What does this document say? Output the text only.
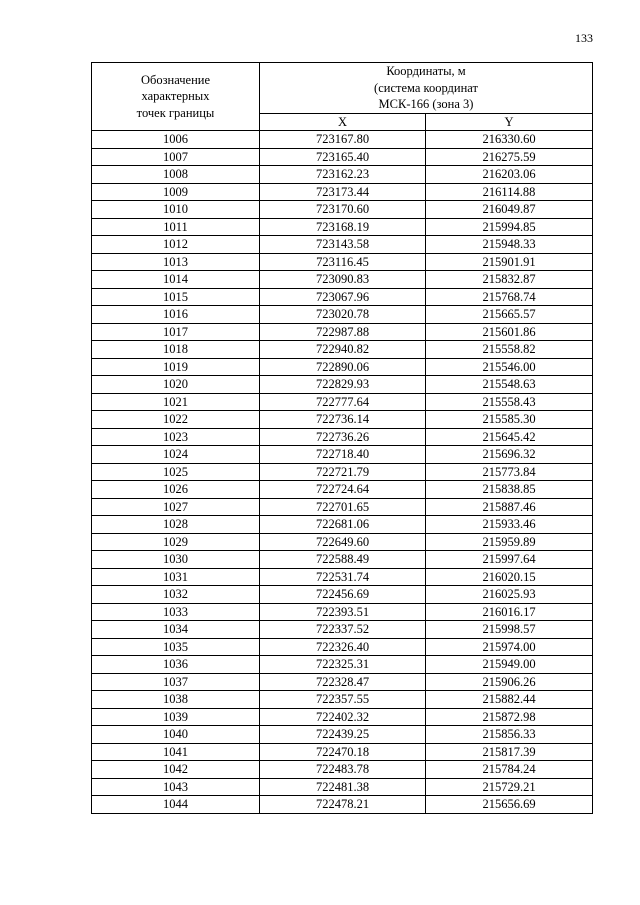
133
Обозначение
характерных
точек границы	Координаты, м
(система координат
МСК-166 (зона 3)	

	X	Y
1006	723167.80	216330.60
1007	723165.40	216275.59
1008	723162.23	216203.06
1009	723173.44	216114.88
1010	723170.60	216049.87
1011	723168.19	215994.85
1012	723143.58	215948.33
1013	723116.45	215901.91
1014	723090.83	215832.87
1015	723067.96	215768.74
1016	723020.78	215665.57
1017	722987.88	215601.86
1018	722940.82	215558.82
1019	722890.06	215546.00
1020	722829.93	215548.63
1021	722777.64	215558.43
1022	722736.14	215585.30
1023	722736.26	215645.42
1024	722718.40	215696.32
1025	722721.79	215773.84
1026	722724.64	215838.85
1027	722701.65	215887.46
1028	722681.06	215933.46
1029	722649.60	215959.89
1030	722588.49	215997.64
1031	722531.74	216020.15
1032	722456.69	216025.93
1033	722393.51	216016.17
1034	722337.52	215998.57
1035	722326.40	215974.00
1036	722325.31	215949.00
1037	722328.47	215906.26
1038	722357.55	215882.44
1039	722402.32	215872.98
1040	722439.25	215856.33
1041	722470.18	215817.39
1042	722483.78	215784.24
1043	722481.38	215729.21
1044	722478.21	215656.69
